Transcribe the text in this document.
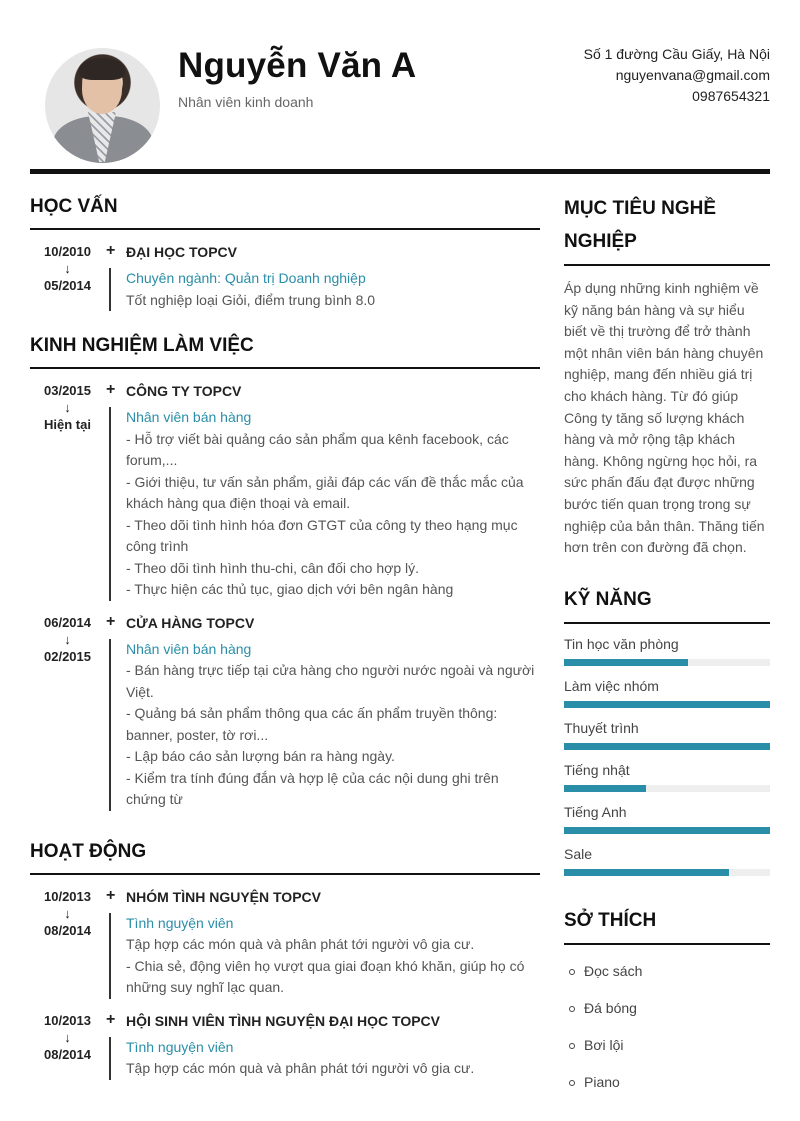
Nguyễn Văn A
Nhân viên kinh doanh
Số 1 đường Cầu Giấy, Hà Nội
nguyenvana@gmail.com
0987654321
HỌC VẤN
10/2010
↓
05/2014
+ ĐẠI HỌC TOPCV
Chuyên ngành: Quản trị Doanh nghiệp
Tốt nghiệp loại Giỏi, điểm trung bình 8.0
KINH NGHIỆM LÀM VIỆC
03/2015
↓
Hiện tại
+ CÔNG TY TOPCV
Nhân viên bán hàng
- Hỗ trợ viết bài quảng cáo sản phẩm qua kênh facebook, các forum,...
- Giới thiệu, tư vấn sản phẩm, giải đáp các vấn đề thắc mắc của khách hàng qua điện thoại và email.
- Theo dõi tình hình hóa đơn GTGT của công ty theo hạng mục công trình
- Theo dõi tình hình thu-chi, cân đối cho hợp lý.
- Thực hiện các thủ tục, giao dịch với bên ngân hàng
06/2014
↓
02/2015
+ CỬA HÀNG TOPCV
Nhân viên bán hàng
- Bán hàng trực tiếp tại cửa hàng cho người nước ngoài và người Việt.
- Quảng bá sản phẩm thông qua các ấn phẩm truyền thông: banner, poster, tờ rơi...
- Lập báo cáo sản lượng bán ra hàng ngày.
- Kiểm tra tính đúng đắn và hợp lệ của các nội dung ghi trên chứng từ
HOẠT ĐỘNG
10/2013
↓
08/2014
+ NHÓM TÌNH NGUYỆN TOPCV
Tình nguyện viên
Tập hợp các món quà và phân phát tới người vô gia cư.
- Chia sẻ, động viên họ vượt qua giai đoạn khó khăn, giúp họ có những suy nghĩ lạc quan.
10/2013
↓
08/2014
+ HỘI SINH VIÊN TÌNH NGUYỆN ĐẠI HỌC TOPCV
Tình nguyện viên
Tập hợp các món quà và phân phát tới người vô gia cư.
MỤC TIÊU NGHỀ NGHIỆP
Áp dụng những kinh nghiệm về kỹ năng bán hàng và sự hiểu biết về thị trường để trở thành một nhân viên bán hàng chuyên nghiệp, mang đến nhiều giá trị cho khách hàng. Từ đó giúp Công ty tăng số lượng khách hàng và mở rộng tập khách hàng. Không ngừng học hỏi, ra sức phấn đấu đạt được những bước tiến quan trọng trong sự nghiệp của bản thân. Thăng tiến hơn trên con đường đã chọn.
KỸ NĂNG
Tin học văn phòng
Làm việc nhóm
Thuyết trình
Tiếng nhật
Tiếng Anh
Sale
SỞ THÍCH
Đọc sách
Đá bóng
Bơi lội
Piano
